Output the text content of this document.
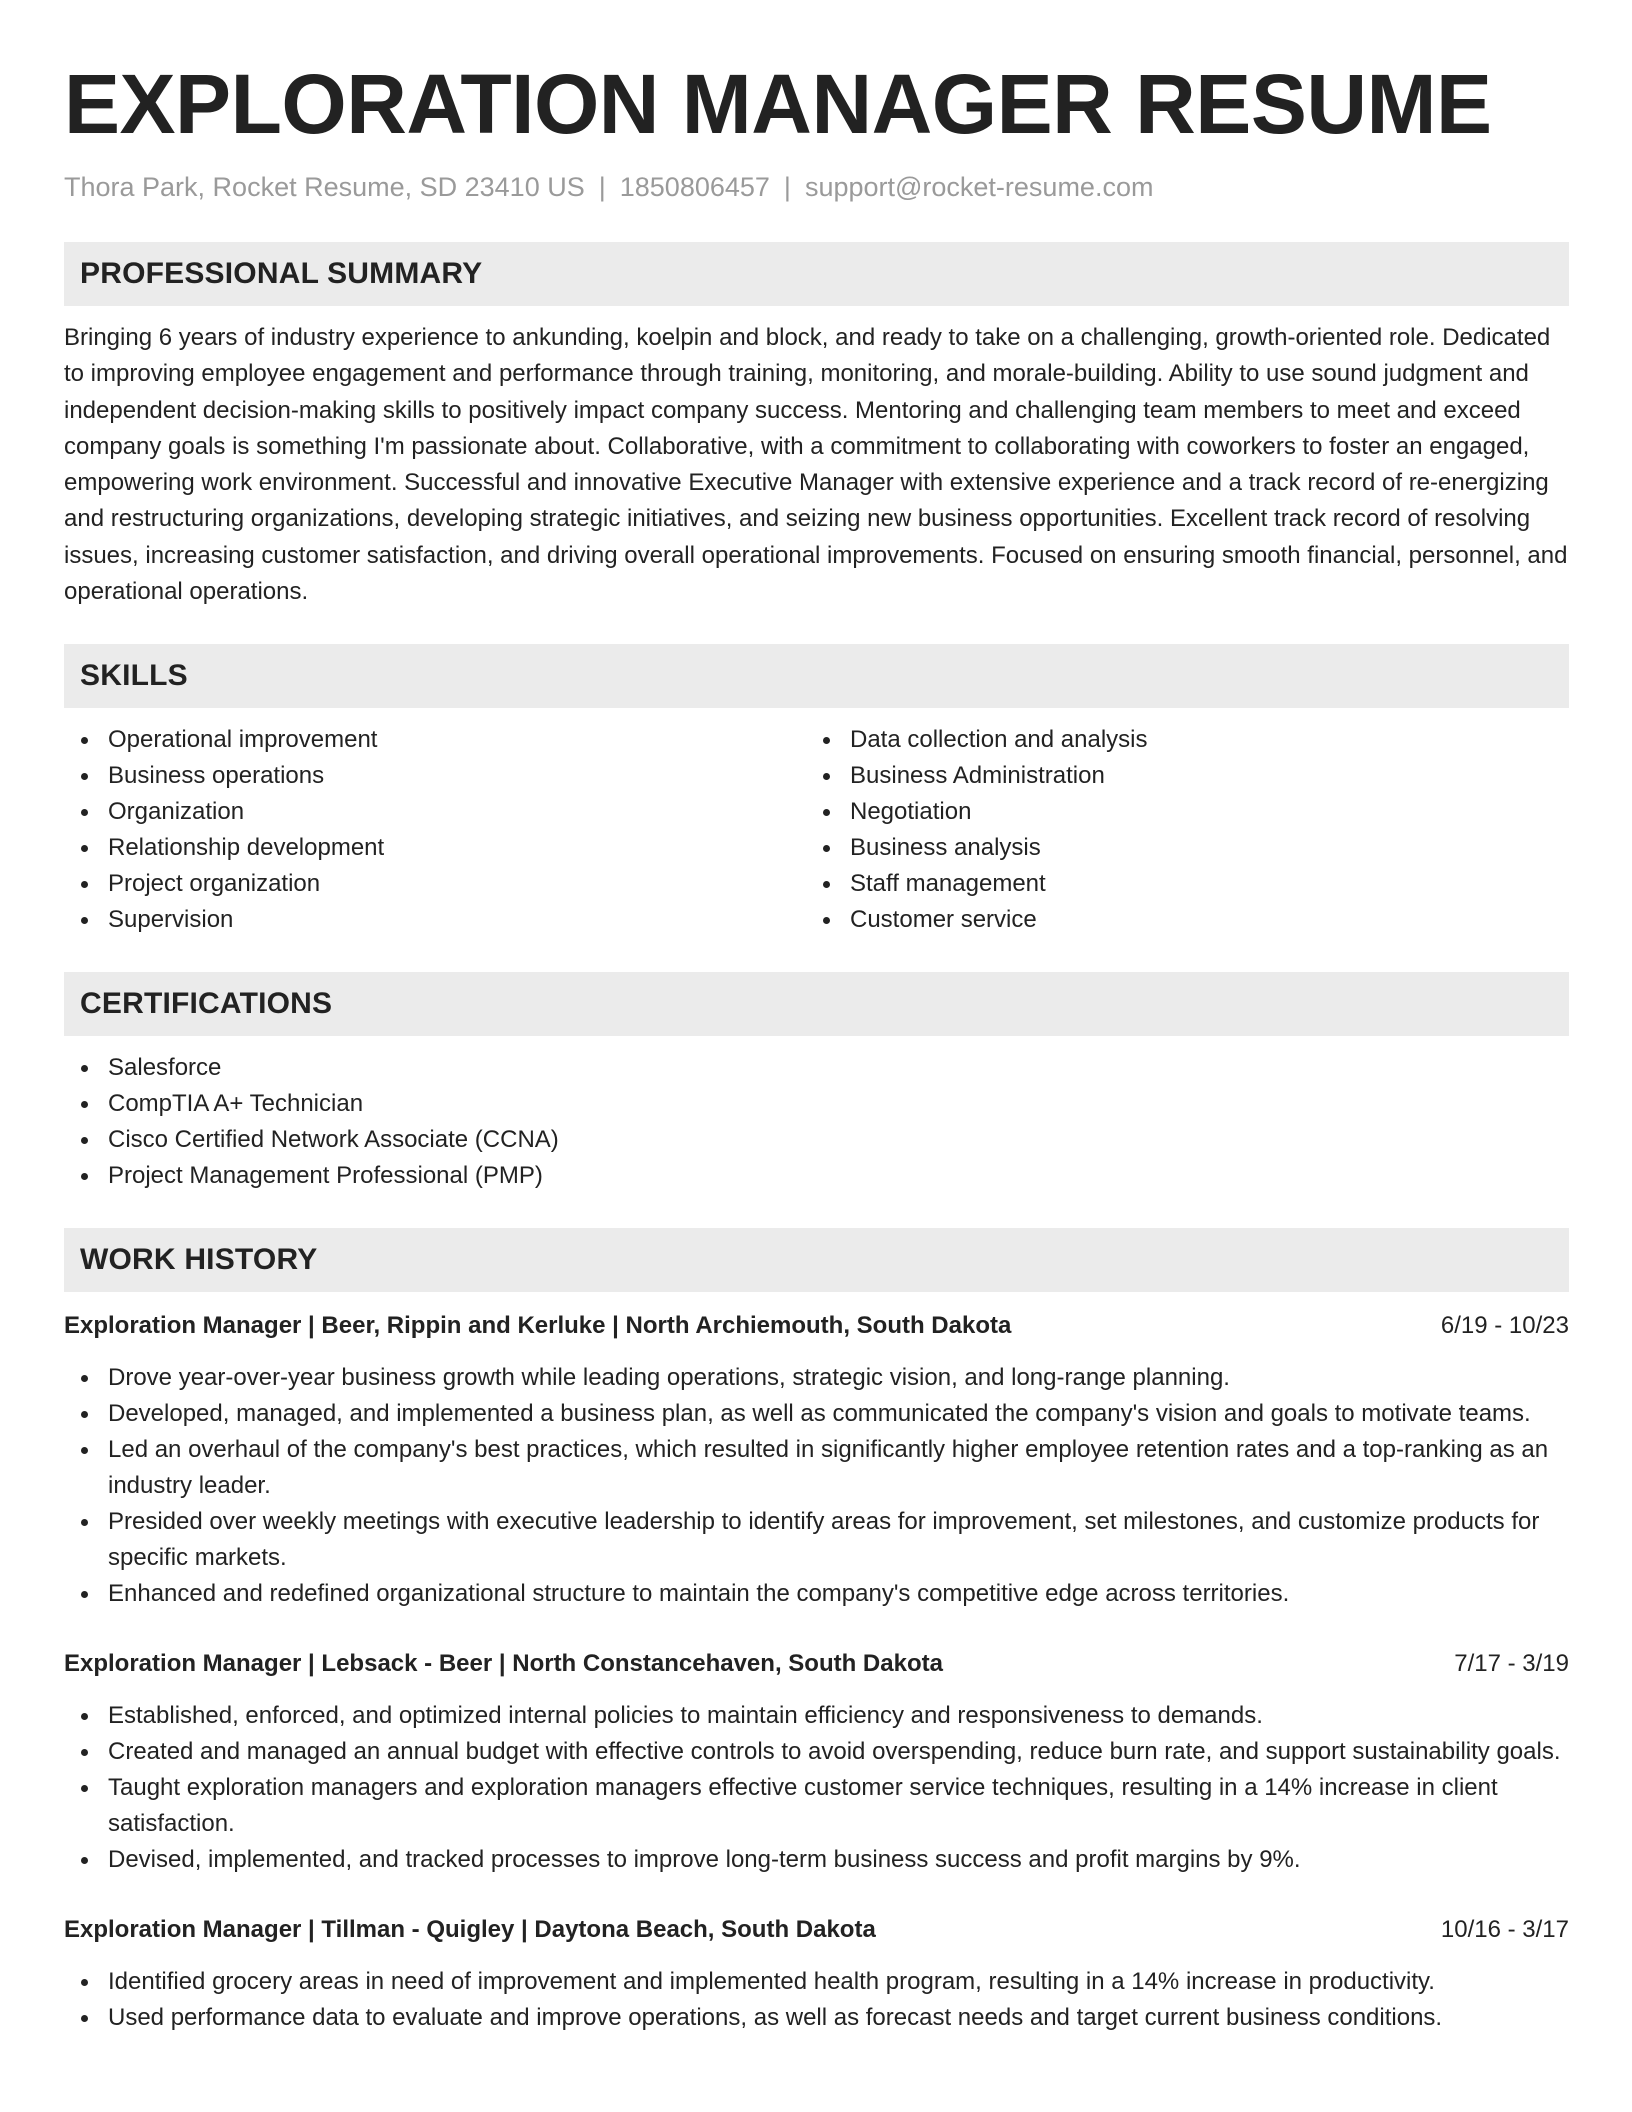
EXPLORATION MANAGER RESUME
Thora Park, Rocket Resume, SD 23410 US | 1850806457 | support@rocket-resume.com
PROFESSIONAL SUMMARY

Bringing 6 years of industry experience to ankunding, koelpin and block, and ready to take on a challenging, growth-oriented role. Dedicated to improving employee engagement and performance through training, monitoring, and morale-building. Ability to use sound judgment and independent decision-making skills to positively impact company success. Mentoring and challenging team members to meet and exceed company goals is something I'm passionate about. Collaborative, with a commitment to collaborating with coworkers to foster an engaged, empowering work environment. Successful and innovative Executive Manager with extensive experience and a track record of re-energizing and restructuring organizations, developing strategic initiatives, and seizing new business opportunities. Excellent track record of resolving issues, increasing customer satisfaction, and driving overall operational improvements. Focused on ensuring smooth financial, personnel, and operational operations.

SKILLS
Operational improvement
Business operations
Organization
Relationship development
Project organization
Supervision
Data collection and analysis
Business Administration
Negotiation
Business analysis
Staff management
Customer service
CERTIFICATIONS
Salesforce
CompTIA A+ Technician
Cisco Certified Network Associate (CCNA)
Project Management Professional (PMP)
WORK HISTORY
Exploration Manager | Beer, Rippin and Kerluke | North Archiemouth, South Dakota	6/19 - 10/23
Drove year-over-year business growth while leading operations, strategic vision, and long-range planning.
Developed, managed, and implemented a business plan, as well as communicated the company's vision and goals to motivate teams.
Led an overhaul of the company's best practices, which resulted in significantly higher employee retention rates and a top-ranking as an industry leader.
Presided over weekly meetings with executive leadership to identify areas for improvement, set milestones, and customize products for specific markets.
Enhanced and redefined organizational structure to maintain the company's competitive edge across territories.
Exploration Manager | Lebsack - Beer | North Constancehaven, South Dakota	7/17 - 3/19
Established, enforced, and optimized internal policies to maintain efficiency and responsiveness to demands.
Created and managed an annual budget with effective controls to avoid overspending, reduce burn rate, and support sustainability goals.
Taught exploration managers and exploration managers effective customer service techniques, resulting in a 14% increase in client satisfaction.
Devised, implemented, and tracked processes to improve long-term business success and profit margins by 9%.
Exploration Manager | Tillman - Quigley | Daytona Beach, South Dakota	10/16 - 3/17
Identified grocery areas in need of improvement and implemented health program, resulting in a 14% increase in productivity.
Used performance data to evaluate and improve operations, as well as forecast needs and target current business conditions.
